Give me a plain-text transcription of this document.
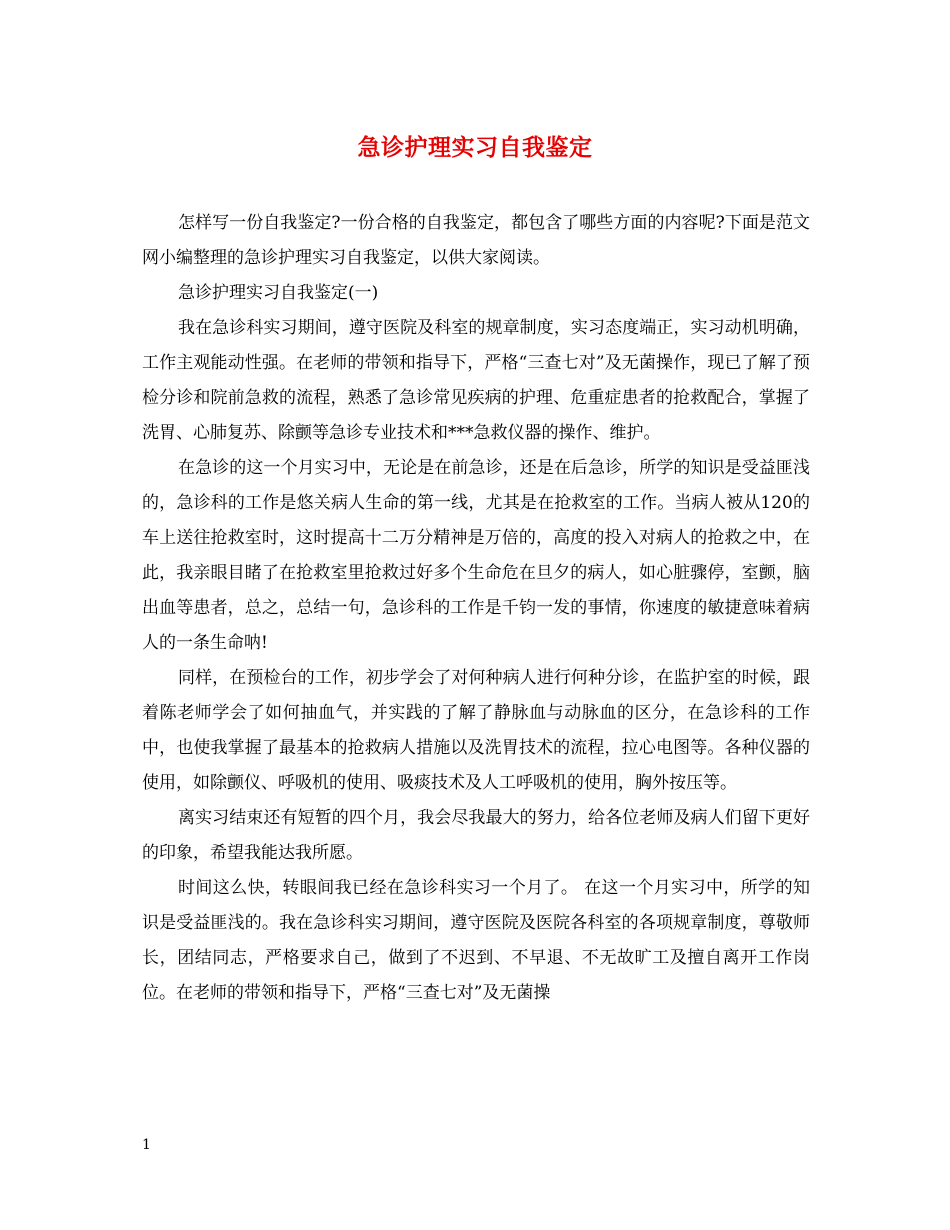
急诊护理实习自我鉴定

怎样写一份自我鉴定?一份合格的自我鉴定，都包含了哪些方面的内容呢?下面是范文网小编整理的急诊护理实习自我鉴定，以供大家阅读。

急诊护理实习自我鉴定(一)

我在急诊科实习期间，遵守医院及科室的规章制度，实习态度端正，实习动机明确，工作主观能动性强。在老师的带领和指导下，严格“三查七对”及无菌操作，现已了解了预检分诊和院前急救的流程，熟悉了急诊常见疾病的护理、危重症患者的抢救配合，掌握了洗胃、心肺复苏、除颤等急诊专业技术和***急救仪器的操作、维护。

在急诊的这一个月实习中，无论是在前急诊，还是在后急诊，所学的知识是受益匪浅的，急诊科的工作是悠关病人生命的第一线，尤其是在抢救室的工作。当病人被从120的车上送往抢救室时，这时提高十二万分精神是万倍的，高度的投入对病人的抢救之中，在此，我亲眼目睹了在抢救室里抢救过好多个生命危在旦夕的病人，如心脏骤停，室颤，脑出血等患者，总之，总结一句，急诊科的工作是千钧一发的事情，你速度的敏捷意味着病人的一条生命呐!

同样，在预检台的工作，初步学会了对何种病人进行何种分诊，在监护室的时候，跟着陈老师学会了如何抽血气，并实践的了解了静脉血与动脉血的区分，在急诊科的工作中，也使我掌握了最基本的抢救病人措施以及洗胃技术的流程，拉心电图等。各种仪器的使用，如除颤仪、呼吸机的使用、吸痰技术及人工呼吸机的使用，胸外按压等。

离实习结束还有短暂的四个月，我会尽我最大的努力，给各位老师及病人们留下更好的印象，希望我能达我所愿。

时间这么快，转眼间我已经在急诊科实习一个月了。 在这一个月实习中，所学的知识是受益匪浅的。我在急诊科实习期间，遵守医院及医院各科室的各项规章制度，尊敬师长，团结同志，严格要求自己，做到了不迟到、不早退、不无故旷工及擅自离开工作岗位。在老师的带领和指导下，严格“三查七对”及无菌操

1
